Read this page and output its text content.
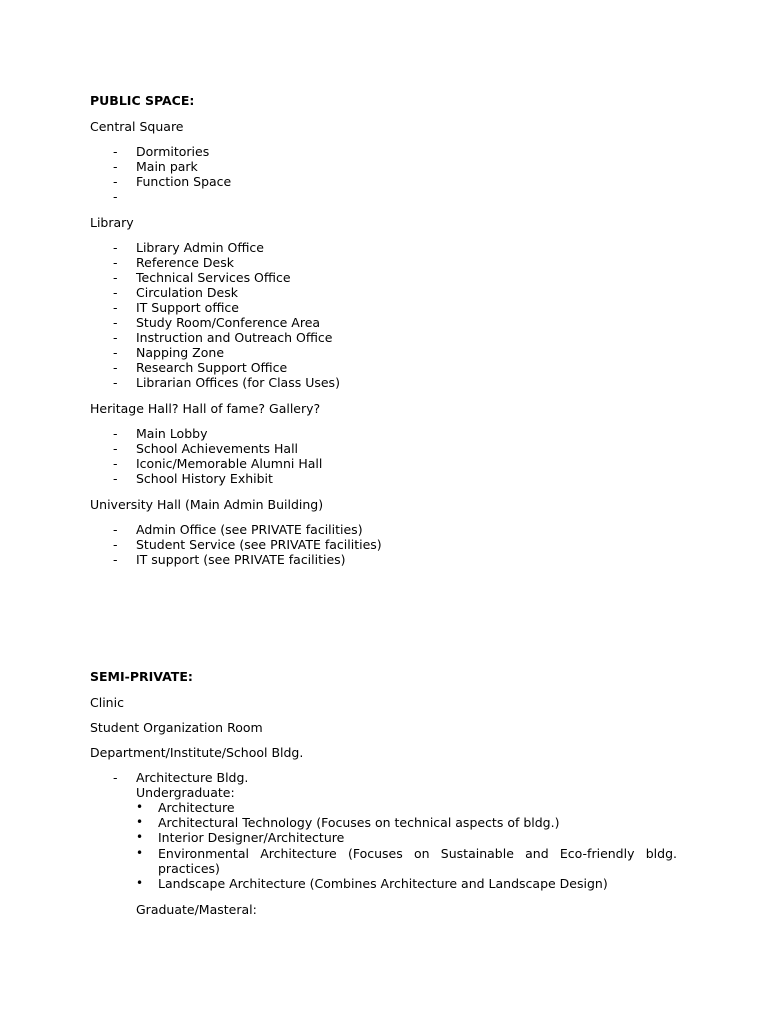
PUBLIC SPACE:
Central Square
- Dormitories
- Main park
- Function Space
-
Library
- Library Admin Office
- Reference Desk
- Technical Services Office
- Circulation Desk
- IT Support office
- Study Room/Conference Area
- Instruction and Outreach Office
- Napping Zone
- Research Support Office
- Librarian Offices (for Class Uses)
Heritage Hall? Hall of fame? Gallery?
- Main Lobby
- School Achievements Hall
- Iconic/Memorable Alumni Hall
- School History Exhibit
University Hall (Main Admin Building)
- Admin Office (see PRIVATE facilities)
- Student Service (see PRIVATE facilities)
- IT support (see PRIVATE facilities)
SEMI-PRIVATE:
Clinic
Student Organization Room
Department/Institute/School Bldg.
- Architecture Bldg.
Undergraduate:
• Architecture
• Architectural Technology (Focuses on technical aspects of bldg.)
• Interior Designer/Architecture
• Environmental Architecture (Focuses on Sustainable and Eco-friendly bldg.
practices)
• Landscape Architecture (Combines Architecture and Landscape Design)
Graduate/Masteral:
